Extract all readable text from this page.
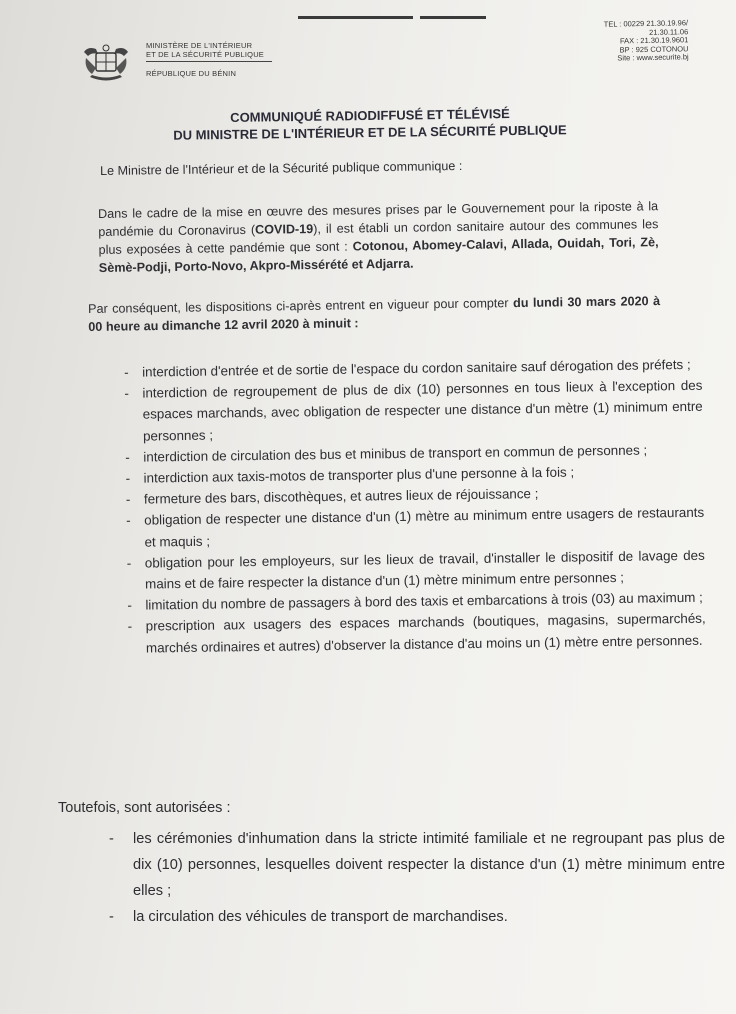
MINISTÈRE DE L'INTÉRIEUR
ET DE LA SÉCURITÉ PUBLIQUE
RÉPUBLIQUE DU BÉNIN
TEL : 00229 21.30.19.96/
21.30.11.06
FAX : 21.30.19.9601
BP : 925 COTONOU
Site : www.securite.bj
COMMUNIQUÉ RADIODIFFUSÉ ET TÉLÉVISÉ
DU MINISTRE DE L'INTÉRIEUR ET DE LA SÉCURITÉ PUBLIQUE
Le Ministre de l'Intérieur et de la Sécurité publique communique :
Dans le cadre de la mise en œuvre des mesures prises par le Gouvernement pour la riposte à la pandémie du Coronavirus (COVID-19), il est établi un cordon sanitaire autour des communes les plus exposées à cette pandémie que sont : Cotonou, Abomey-Calavi, Allada, Ouidah, Tori, Zè, Sèmè-Podji, Porto-Novo, Akpro-Missérété et Adjarra.
Par conséquent, les dispositions ci-après entrent en vigueur pour compter du lundi 30 mars 2020 à 00 heure au dimanche 12 avril 2020 à minuit :
- interdiction d'entrée et de sortie de l'espace du cordon sanitaire sauf dérogation des préfets ;
- interdiction de regroupement de plus de dix (10) personnes en tous lieux à l'exception des espaces marchands, avec obligation de respecter une distance d'un mètre (1) minimum entre personnes ;
- interdiction de circulation des bus et minibus de transport en commun de personnes ;
- interdiction aux taxis-motos de transporter plus d'une personne à la fois ;
- fermeture des bars, discothèques, et autres lieux de réjouissance ;
- obligation de respecter une distance d'un (1) mètre au minimum entre usagers de restaurants et maquis ;
- obligation pour les employeurs, sur les lieux de travail, d'installer le dispositif de lavage des mains et de faire respecter la distance d'un (1) mètre minimum entre personnes ;
- limitation du nombre de passagers à bord des taxis et embarcations à trois (03) au maximum ;
- prescription aux usagers des espaces marchands (boutiques, magasins, supermarchés, marchés ordinaires et autres) d'observer la distance d'au moins un (1) mètre entre personnes.
Toutefois, sont autorisées :
- les cérémonies d'inhumation dans la stricte intimité familiale et ne regroupant pas plus de dix (10) personnes, lesquelles doivent respecter la distance d'un (1) mètre minimum entre elles ;
- la circulation des véhicules de transport de marchandises.
